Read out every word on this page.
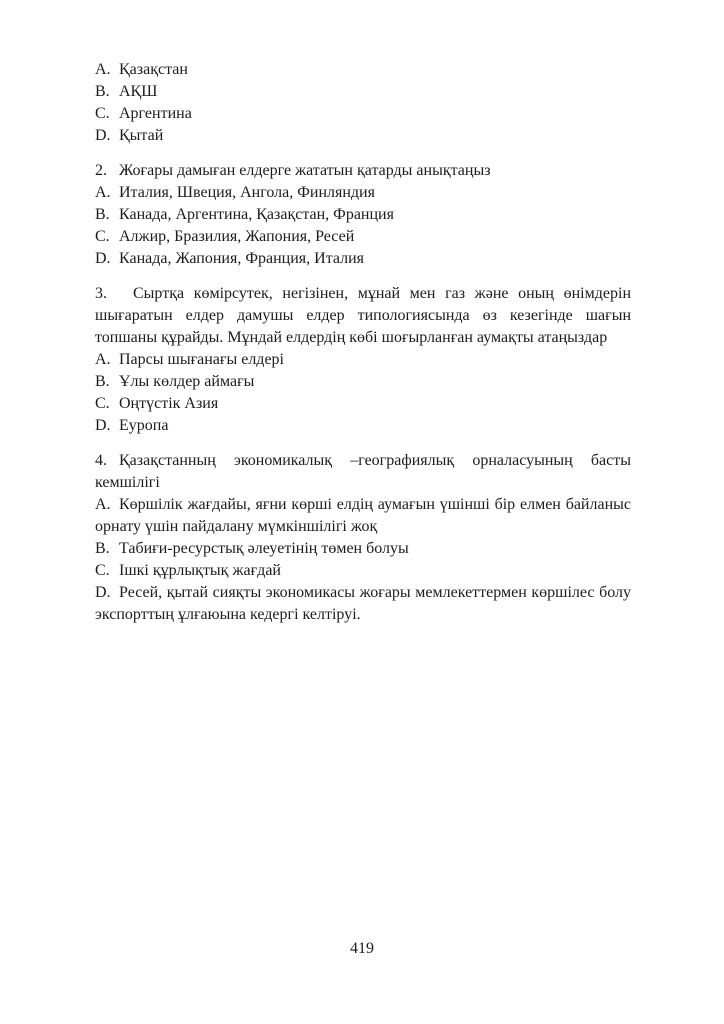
A. Қазақстан

B. АҚШ

C. Аргентина

D. Қытай

2. Жоғары дамыған елдерге жататын қатарды анықтаңыз

A. Италия, Швеция, Ангола, Финляндия

B. Канада, Аргентина, Қазақстан, Франция

C. Алжир, Бразилия, Жапония, Ресей

D. Канада, Жапония, Франция, Италия

3. Сыртқа көмірсутек, негізінен, мұнай мен газ және оның өнімдерін шығаратын елдер дамушы елдер типологиясында өз кезегінде шағын топшаны құрайды. Мұндай елдердің көбі шоғырланған аумақты атаңыздар

A. Парсы шығанағы елдері

B. Ұлы көлдер аймағы

C. Оңтүстік Азия

D. Еуропа

4. Қазақстанның экономикалық –географиялық орналасуының басты кемшілігі

A. Көршілік жағдайы, яғни көрші елдің аумағын үшінші бір елмен байланыс орнату үшін пайдалану мүмкіншілігі жоқ

B. Табиғи-ресурстық әлеуетінің төмен болуы

C. Ішкі құрлықтық жағдай

D. Ресей, қытай сияқты экономикасы жоғары мемлекеттермен көршілес болу экспорттың ұлғаюына кедергі келтіруі.

419
